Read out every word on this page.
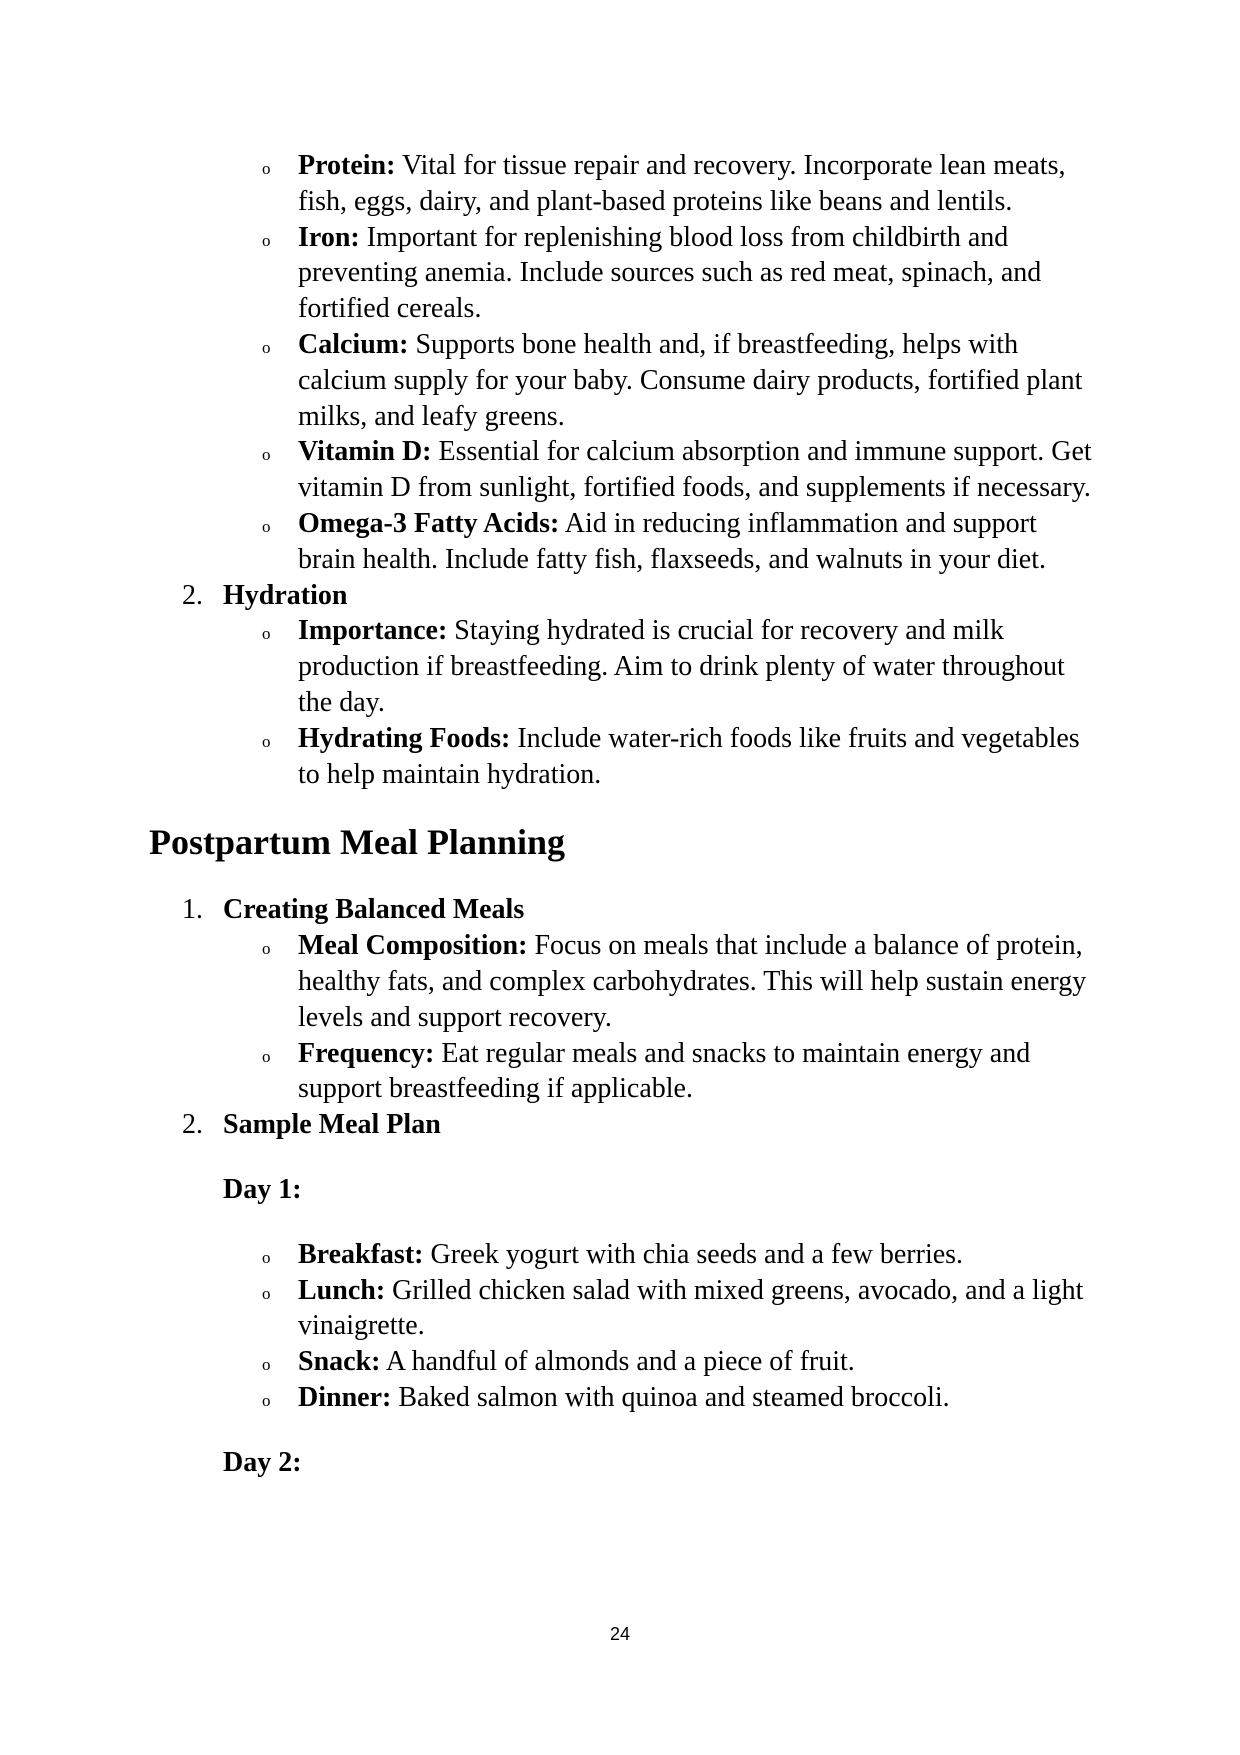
o Protein: Vital for tissue repair and recovery. Incorporate lean meats, fish, eggs, dairy, and plant-based proteins like beans and lentils.
o Iron: Important for replenishing blood loss from childbirth and preventing anemia. Include sources such as red meat, spinach, and fortified cereals.
o Calcium: Supports bone health and, if breastfeeding, helps with calcium supply for your baby. Consume dairy products, fortified plant milks, and leafy greens.
o Vitamin D: Essential for calcium absorption and immune support. Get vitamin D from sunlight, fortified foods, and supplements if necessary.
o Omega-3 Fatty Acids: Aid in reducing inflammation and support brain health. Include fatty fish, flaxseeds, and walnuts in your diet.
2. Hydration
o Importance: Staying hydrated is crucial for recovery and milk production if breastfeeding. Aim to drink plenty of water throughout the day.
o Hydrating Foods: Include water-rich foods like fruits and vegetables to help maintain hydration.
Postpartum Meal Planning
1. Creating Balanced Meals
o Meal Composition: Focus on meals that include a balance of protein, healthy fats, and complex carbohydrates. This will help sustain energy levels and support recovery.
o Frequency: Eat regular meals and snacks to maintain energy and support breastfeeding if applicable.
2. Sample Meal Plan
Day 1:
o Breakfast: Greek yogurt with chia seeds and a few berries.
o Lunch: Grilled chicken salad with mixed greens, avocado, and a light vinaigrette.
o Snack: A handful of almonds and a piece of fruit.
o Dinner: Baked salmon with quinoa and steamed broccoli.
Day 2:
24
